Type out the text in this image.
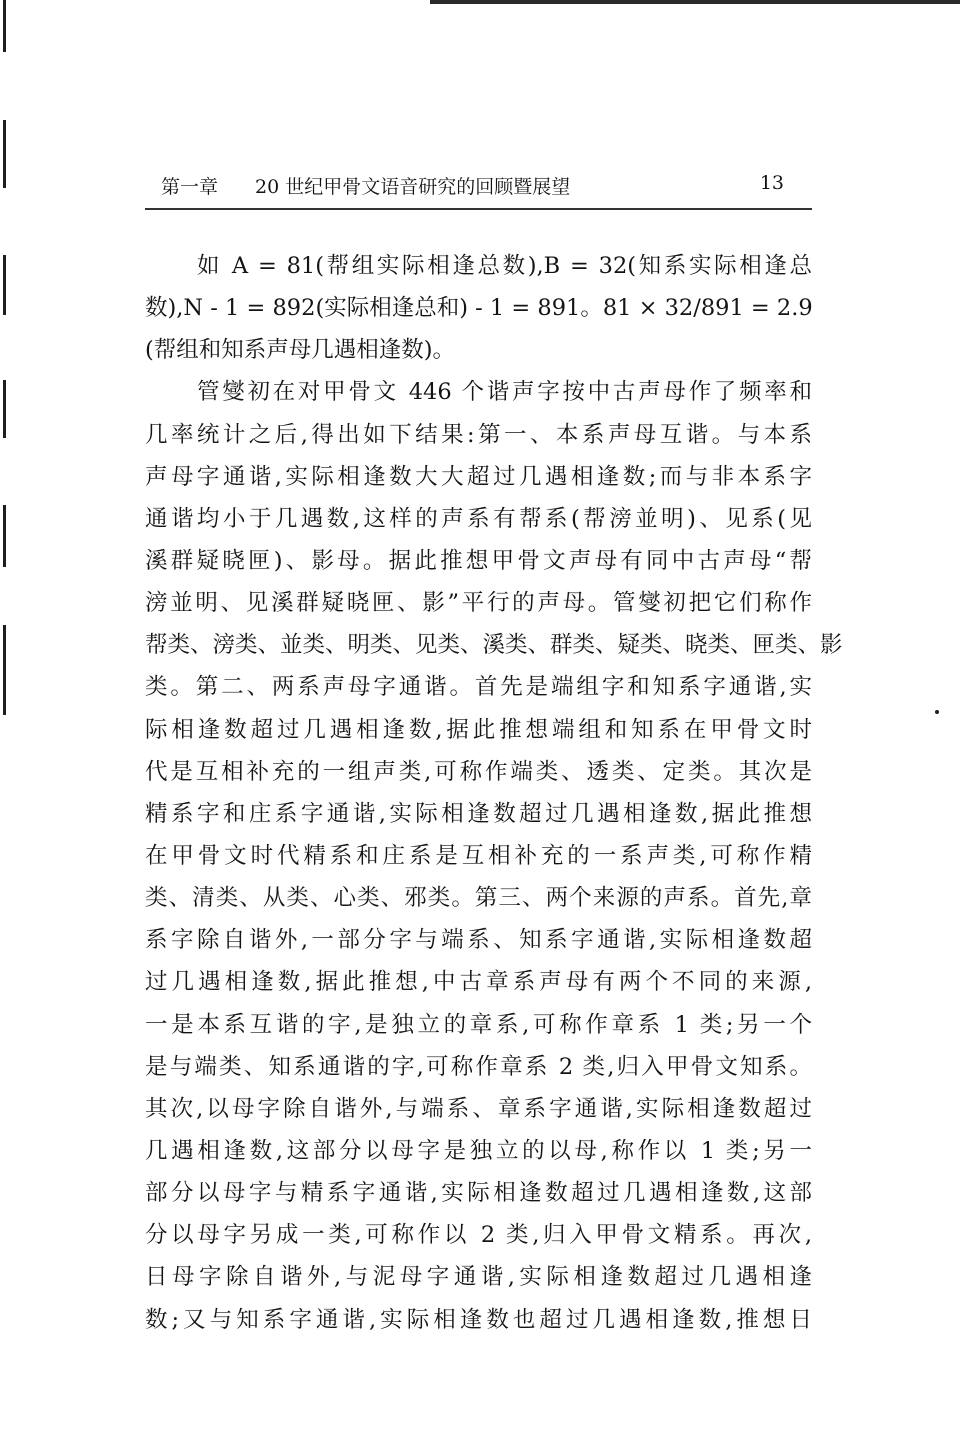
第一章 20 世纪甲骨文语音研究的回顾暨展望	13
如 A = 81(帮组实际相逢总数),B = 32(知系实际相逢总
数),N - 1 = 892(实际相逢总和) - 1 = 891。81 × 32/891 = 2.9
(帮组和知系声母几遇相逢数)。
管燮初在对甲骨文 446 个谐声字按中古声母作了频率和
几率统计之后,得出如下结果:第一、本系声母互谐。与本系
声母字通谐,实际相逢数大大超过几遇相逢数;而与非本系字
通谐均小于几遇数,这样的声系有帮系(帮滂並明)、见系(见
溪群疑晓匣)、影母。据此推想甲骨文声母有同中古声母“帮
滂並明、见溪群疑晓匣、影”平行的声母。管燮初把它们称作
帮类、滂类、並类、明类、见类、溪类、群类、疑类、晓类、匣类、影
类。第二、两系声母字通谐。首先是端组字和知系字通谐,实
际相逢数超过几遇相逢数,据此推想端组和知系在甲骨文时
代是互相补充的一组声类,可称作端类、透类、定类。其次是
精系字和庄系字通谐,实际相逢数超过几遇相逢数,据此推想
在甲骨文时代精系和庄系是互相补充的一系声类,可称作精
类、清类、从类、心类、邪类。第三、两个来源的声系。首先,章
系字除自谐外,一部分字与端系、知系字通谐,实际相逢数超
过几遇相逢数,据此推想,中古章系声母有两个不同的来源,
一是本系互谐的字,是独立的章系,可称作章系 1 类;另一个
是与端类、知系通谐的字,可称作章系 2 类,归入甲骨文知系。
其次,以母字除自谐外,与端系、章系字通谐,实际相逢数超过
几遇相逢数,这部分以母字是独立的以母,称作以 1 类;另一
部分以母字与精系字通谐,实际相逢数超过几遇相逢数,这部
分以母字另成一类,可称作以 2 类,归入甲骨文精系。再次,
日母字除自谐外,与泥母字通谐,实际相逢数超过几遇相逢
数;又与知系字通谐,实际相逢数也超过几遇相逢数,推想日
